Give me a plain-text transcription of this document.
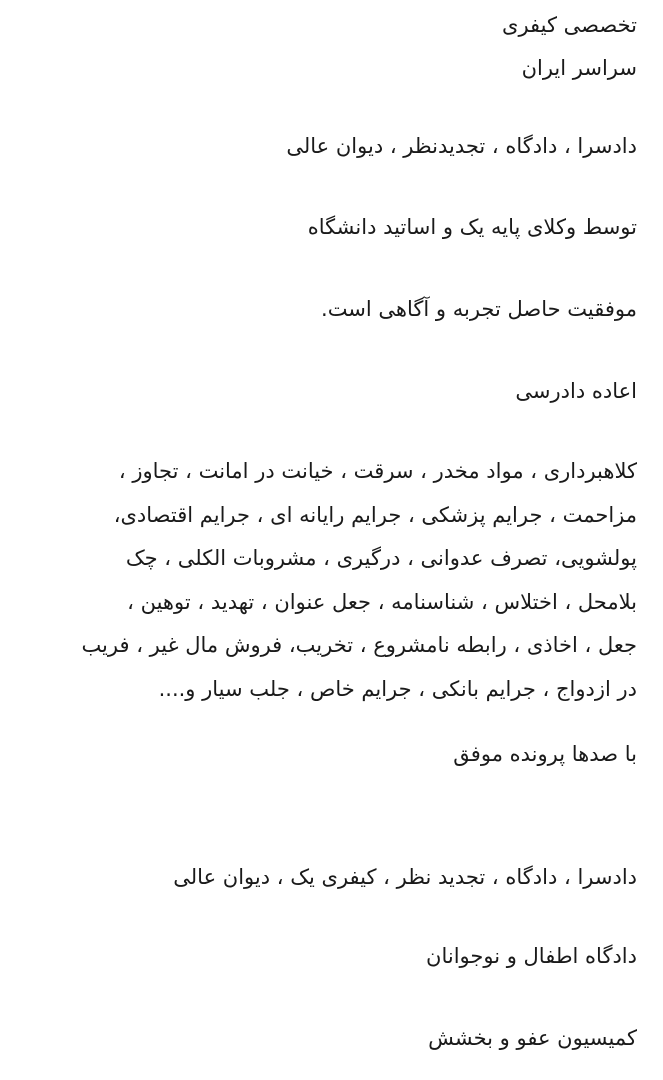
تخصصی کیفری
سراسر ایران
دادسرا ، دادگاه ، تجدیدنظر ، دیوان عالی
توسط وکلای پایه یک و اساتید دانشگاه
موفقیت حاصل تجربه و آگاهی است.
اعاده دادرسی
کلاهبرداری ، مواد مخدر ، سرقت ، خیانت در امانت ، تجاوز ،
مزاحمت ، جرایم پزشکی ، جرایم رایانه ای ، جرایم اقتصادی،
پولشویی، تصرف عدوانی ، درگیری ، مشروبات الکلی ، چک
بلامحل ، اختلاس ، شناسنامه ، جعل عنوان ، تهدید ، توهین ،
جعل ، اخاذی ، رابطه نامشروع ، تخریب، فروش مال غیر ، فریب
در ازدواج ، جرایم بانکی ، جرایم خاص ، جلب سیار و....
با صدها پرونده موفق
دادسرا ، دادگاه ، تجدید نظر ، کیفری یک ، دیوان عالی
دادگاه اطفال و نوجوانان
کمیسیون عفو و بخشش
